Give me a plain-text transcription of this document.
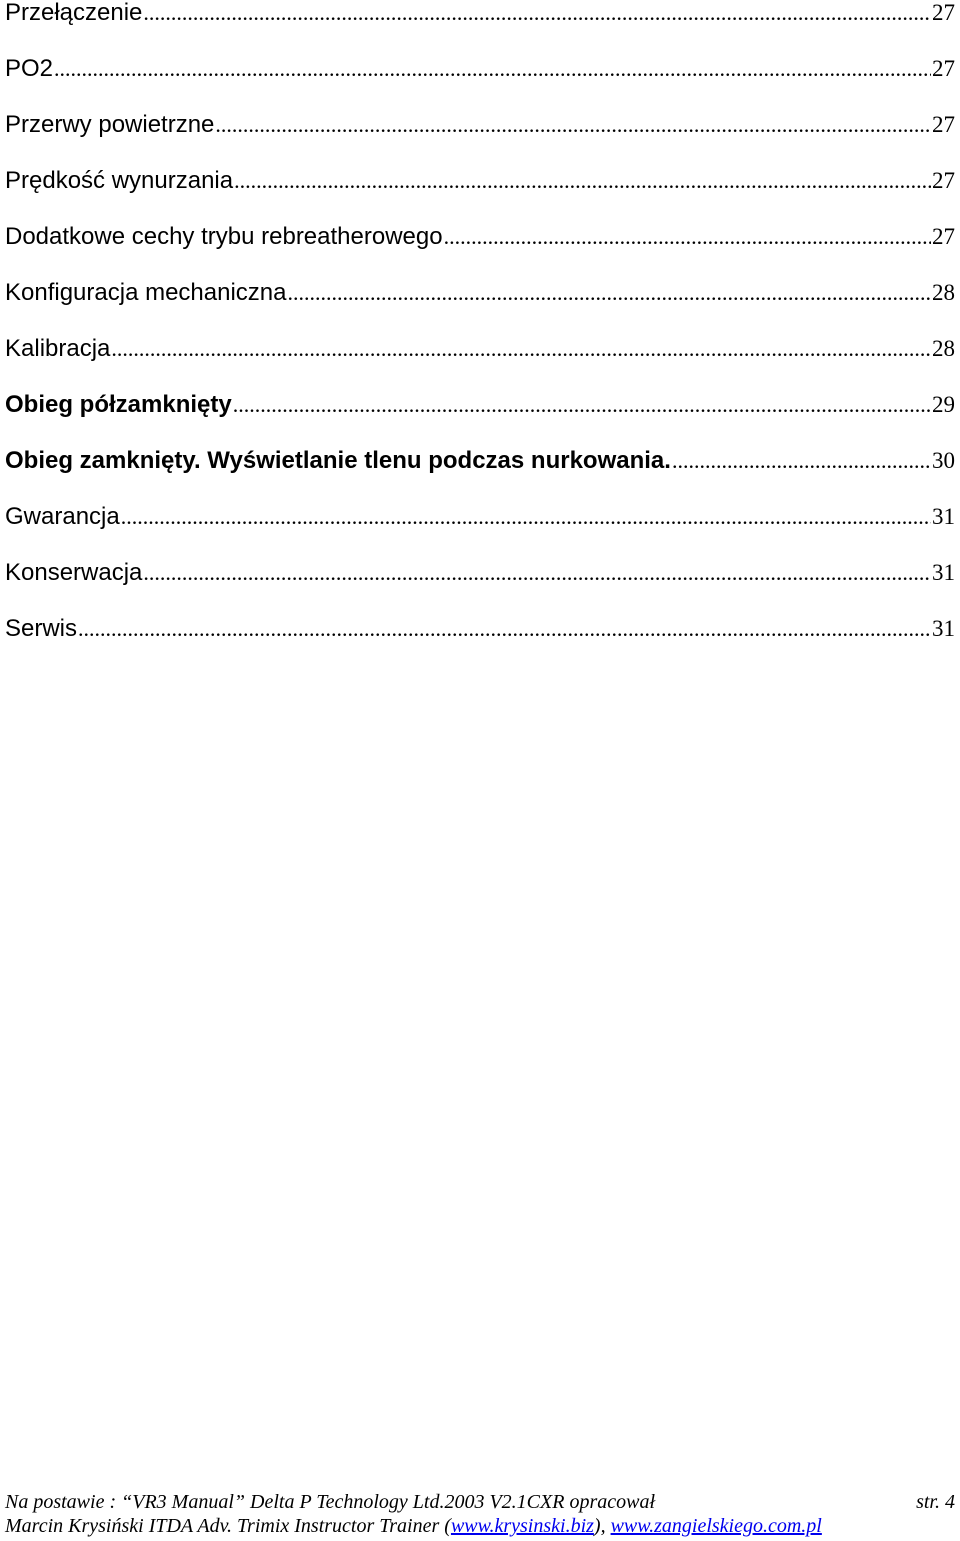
Przełączenie .....	27
PO2 .....	27
Przerwy powietrzne .....	27
Prędkość wynurzania .....	27
Dodatkowe cechy trybu rebreatherowego .....	27
Konfiguracja mechaniczna .....	28
Kalibracja .....	28
Obieg półzamknięty .....	29
Obieg zamknięty. Wyświetlanie tlenu podczas nurkowania. .....	30
Gwarancja .....	31
Konserwacja .....	31
Serwis .....	31
Na postawie : “VR3 Manual” Delta P Technology Ltd.2003 V2.1CXR opracował	str. 4
Marcin Krysiński ITDA Adv. Trimix Instructor Trainer (www.krysinski.biz), www.zangielskiego.com.pl
